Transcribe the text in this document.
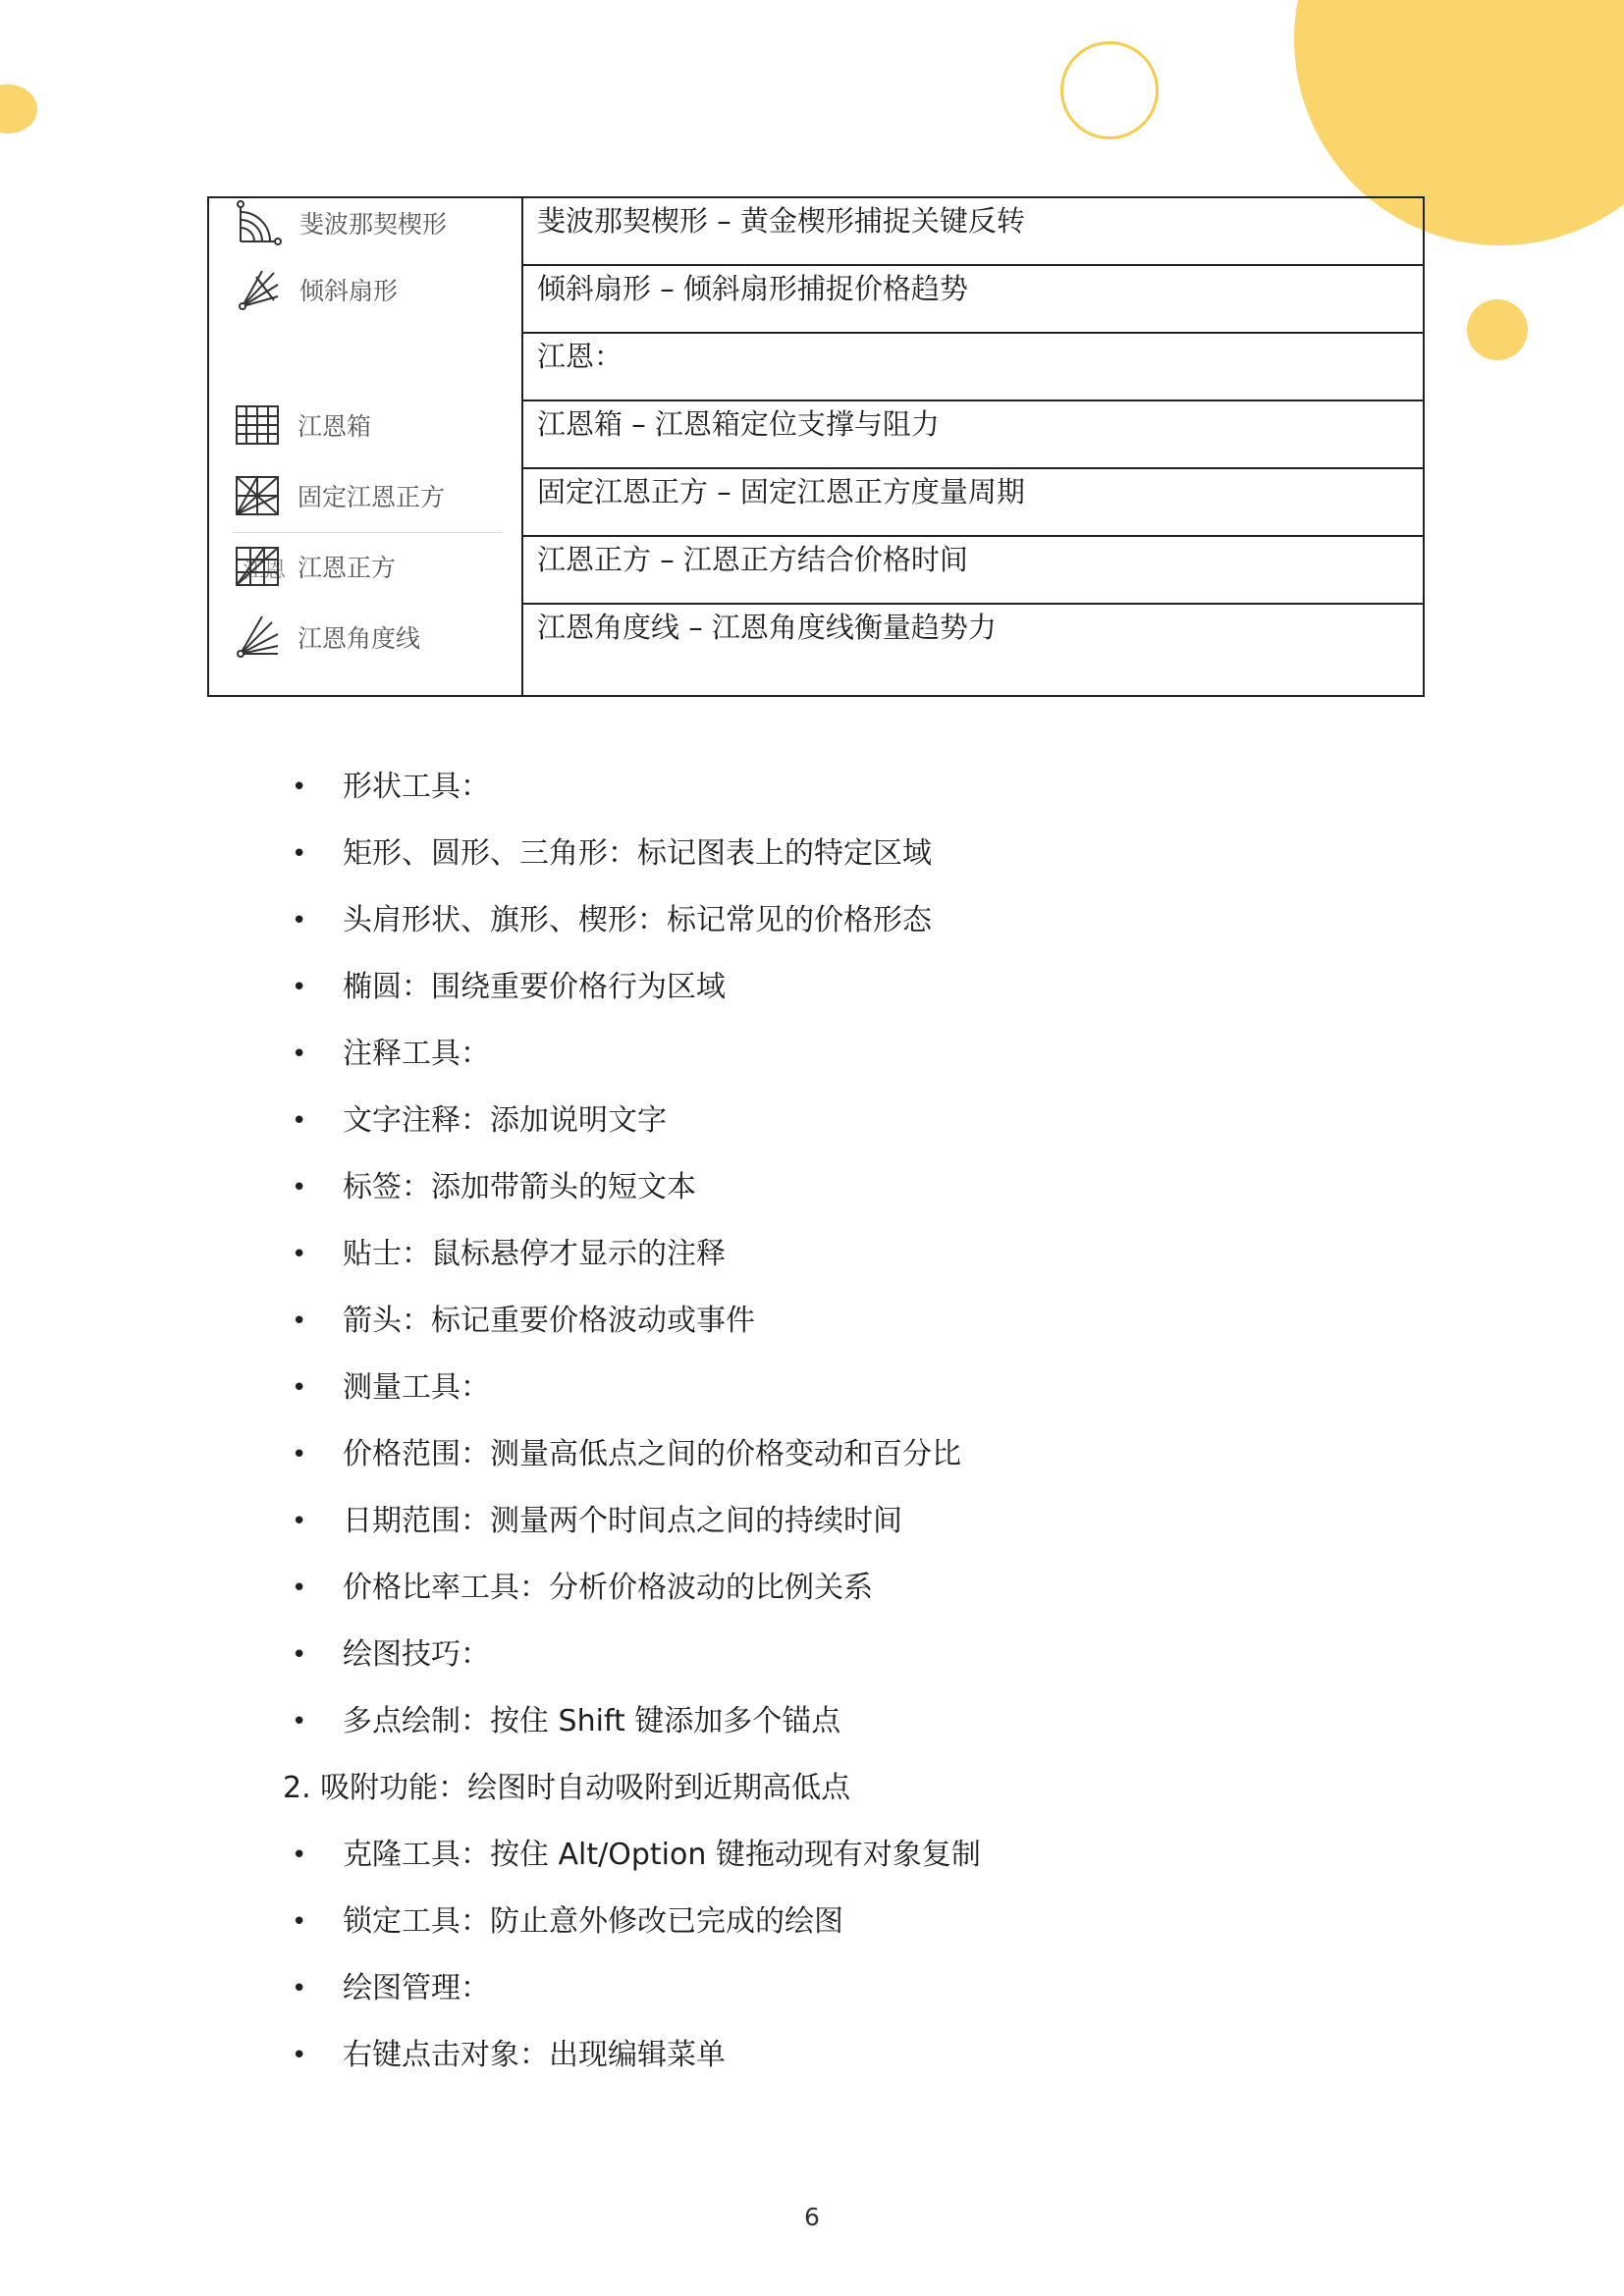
斐波那契楔形
倾斜扇形
江恩
江恩箱
固定江恩正方
江恩正方
江恩角度线
斐波那契楔形 – 黄金楔形捕捉关键反转
倾斜扇形 – 倾斜扇形捕捉价格趋势
江恩：
江恩箱 – 江恩箱定位支撑与阻力
固定江恩正方 – 固定江恩正方度量周期
江恩正方 – 江恩正方结合价格时间
江恩角度线 – 江恩角度线衡量趋势力
• 形状工具：
• 矩形、圆形、三角形：标记图表上的特定区域
• 头肩形状、旗形、楔形：标记常见的价格形态
• 椭圆：围绕重要价格行为区域
• 注释工具：
• 文字注释：添加说明文字
• 标签：添加带箭头的短文本
• 贴士：鼠标悬停才显示的注释
• 箭头：标记重要价格波动或事件
• 测量工具：
• 价格范围：测量高低点之间的价格变动和百分比
• 日期范围：测量两个时间点之间的持续时间
• 价格比率工具：分析价格波动的比例关系
• 绘图技巧：
• 多点绘制：按住 Shift 键添加多个锚点
2. 吸附功能：绘图时自动吸附到近期高低点
• 克隆工具：按住 Alt/Option 键拖动现有对象复制
• 锁定工具：防止意外修改已完成的绘图
• 绘图管理：
• 右键点击对象：出现编辑菜单
6
